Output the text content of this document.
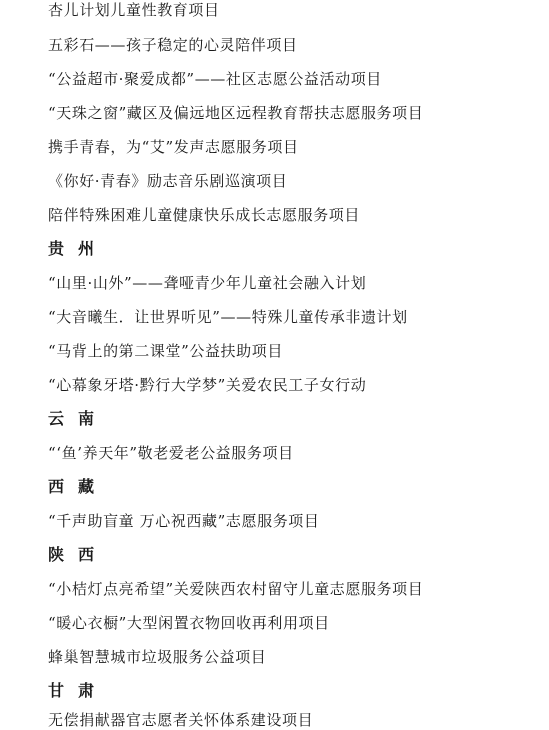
杏儿计划儿童性教育项目
五彩石——孩子稳定的心灵陪伴项目
“公益超市·聚爱成都”——社区志愿公益活动项目
“天珠之窗”藏区及偏远地区远程教育帮扶志愿服务项目
携手青春，为“艾”发声志愿服务项目
《你好·青春》励志音乐剧巡演项目
陪伴特殊困难儿童健康快乐成长志愿服务项目
贵 州
“山里·山外”——聋哑青少年儿童社会融入计划
“大音曦生．让世界听见”——特殊儿童传承非遗计划
“马背上的第二课堂”公益扶助项目
“心幕象牙塔·黔行大学梦”关爱农民工子女行动
云 南
“‘鱼’养天年”敬老爱老公益服务项目
西 藏
“千声助盲童 万心祝西藏”志愿服务项目
陕 西
“小桔灯点亮希望”关爱陕西农村留守儿童志愿服务项目
“暖心衣橱”大型闲置衣物回收再利用项目
蜂巢智慧城市垃圾服务公益项目
甘 肃
无偿捐献器官志愿者关怀体系建设项目
